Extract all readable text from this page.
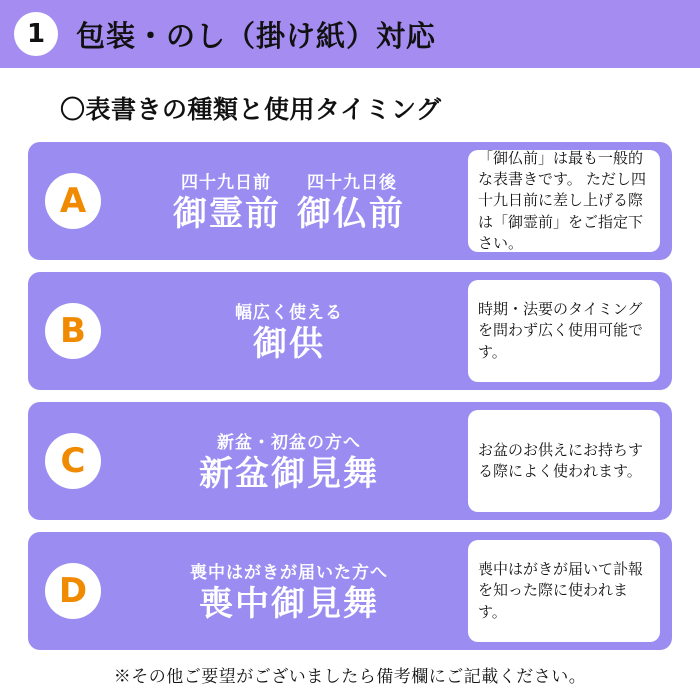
1	包装・のし（掛け紙）対応
〇表書きの種類と使用タイミング
A	四十九日前 四十九日後
御霊前 御仏前
「御仏前」は最も一般的な表書きです。 ただし四十九日前に差し上げる際は「御霊前」をご指定下さい。
B	幅広く使える
御供
時期・法要のタイミングを問わず広く使用可能です。
C	新盆・初盆の方へ
新盆御見舞
お盆のお供えにお持ちする際によく使われます。
D	喪中はがきが届いた方へ
喪中御見舞
喪中はがきが届いて訃報を知った際に使われます。
※その他ご要望がございましたら備考欄にご記載ください。
